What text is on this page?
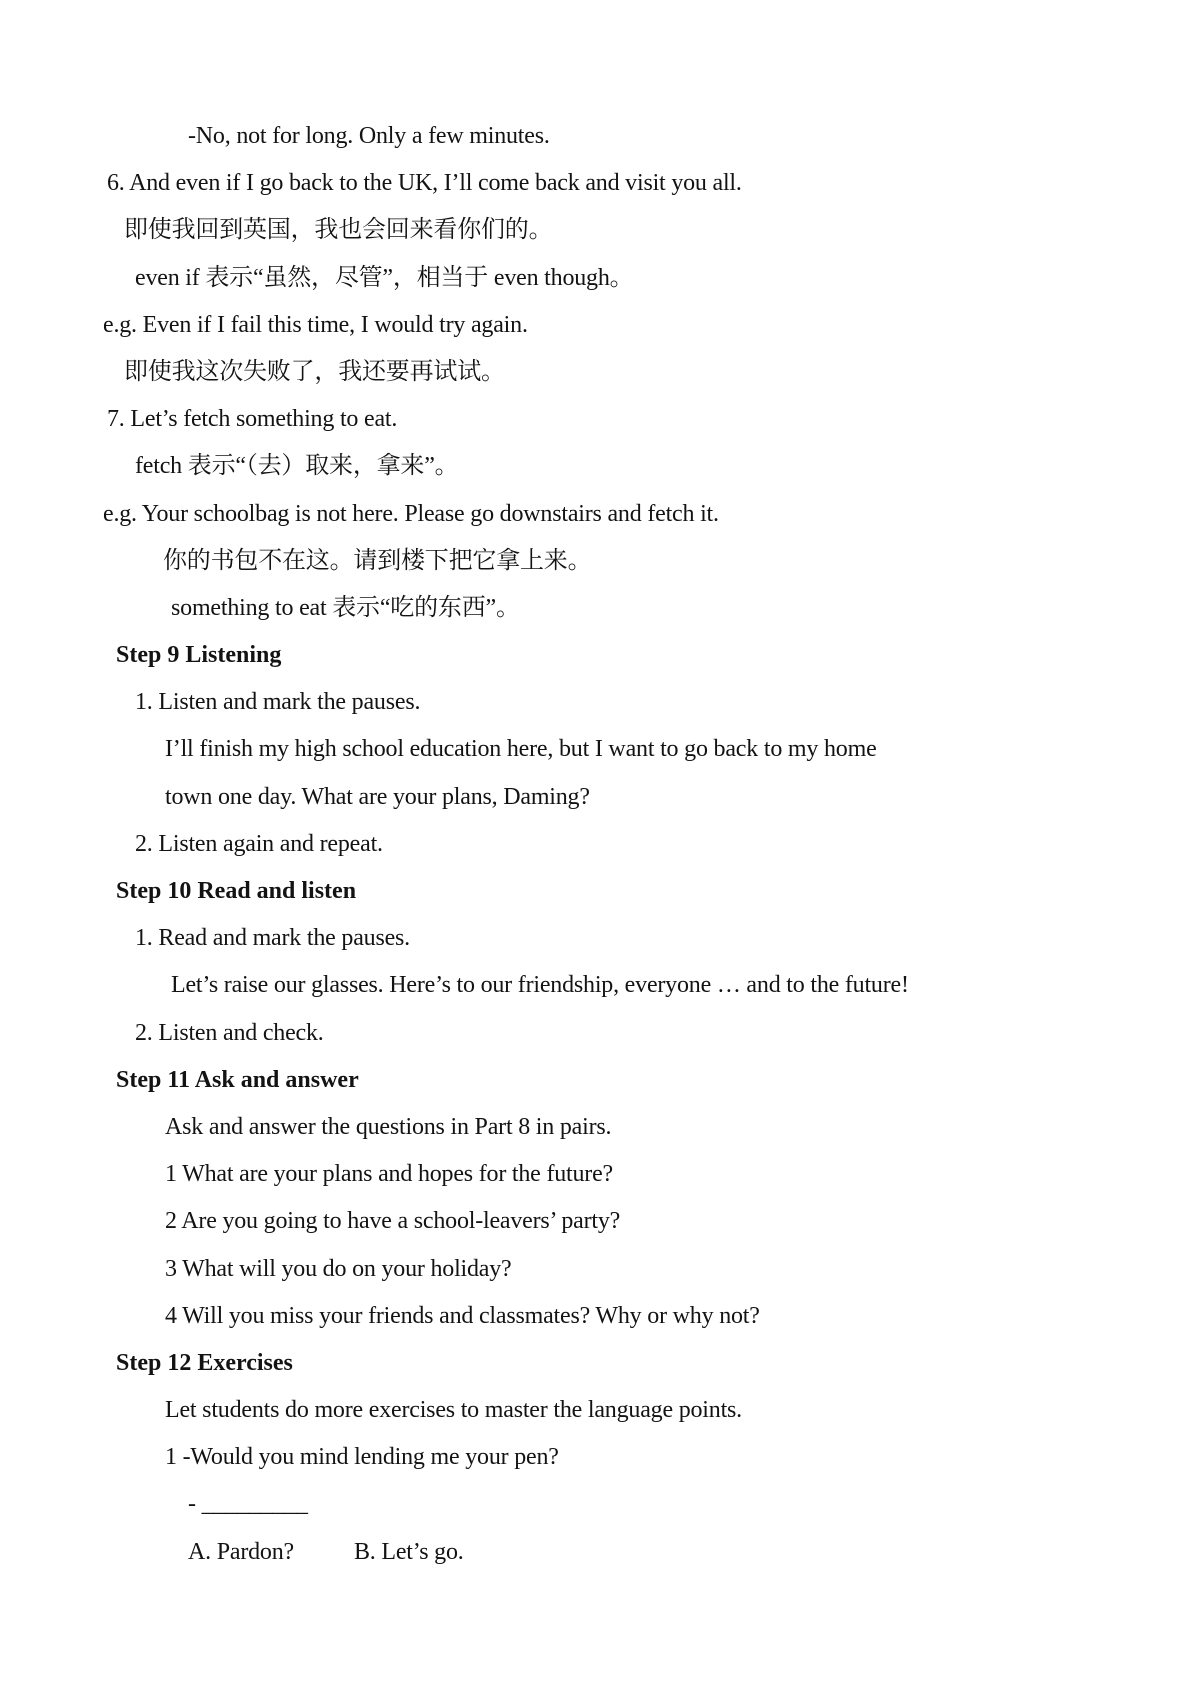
-No, not for long. Only a few minutes.
6. And even if I go back to the UK, I’ll come back and visit you all.
即使我回到英国，我也会回来看你们的。
even if 表示“虽然，尽管”，相当于 even though。
e.g. Even if I fail this time, I would try again.
即使我这次失败了，我还要再试试。
7. Let’s fetch something to eat.
fetch 表示“（去）取来，拿来”。
e.g. Your schoolbag is not here. Please go downstairs and fetch it.
你的书包不在这。请到楼下把它拿上来。
something to eat 表示“吃的东西”。
Step 9 Listening
1. Listen and mark the pauses.
I’ll finish my high school education here, but I want to go back to my home
town one day. What are your plans, Daming?
2. Listen again and repeat.
Step 10 Read and listen
1. Read and mark the pauses.
Let’s raise our glasses. Here’s to our friendship, everyone … and to the future!
2. Listen and check.
Step 11 Ask and answer
Ask and answer the questions in Part 8 in pairs.
1 What are your plans and hopes for the future?
2 Are you going to have a school-leavers’ party?
3 What will you do on your holiday?
4 Will you miss your friends and classmates? Why or why not?
Step 12 Exercises
Let students do more exercises to master the language points.
1 -Would you mind lending me your pen?
- _________
A. Pardon?	B. Let’s go.
